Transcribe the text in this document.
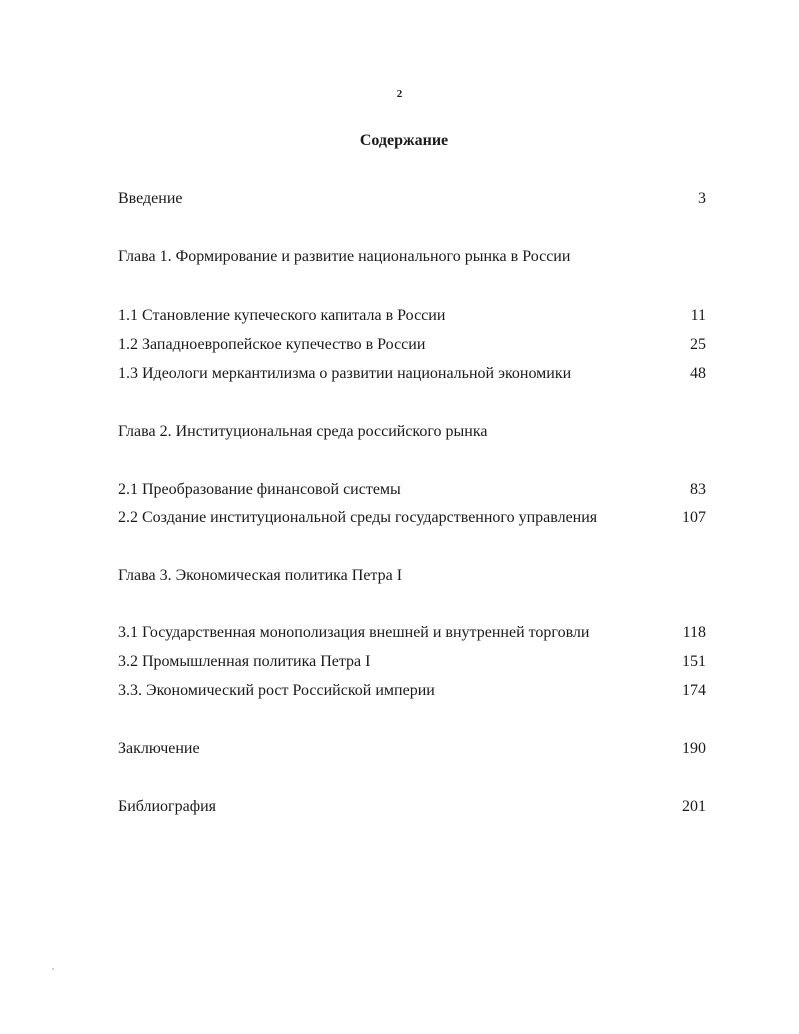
2
Содержание
Введение	3
Глава 1. Формирование и развитие национального рынка в России
1.1 Становление купеческого капитала в России	11
1.2 Западноевропейское купечество в России	25
1.3 Идеологи меркантилизма о развитии национальной экономики	48
Глава 2. Институциональная среда российского рынка
2.1 Преобразование финансовой системы	83
2.2 Создание институциональной среды государственного управления	107
Глава 3. Экономическая политика Петра I
3.1 Государственная монополизация внешней и внутренней торговли	118
3.2 Промышленная политика Петра I	151
3.3. Экономический рост Российской империи	174
Заключение	190
Библиография	201
